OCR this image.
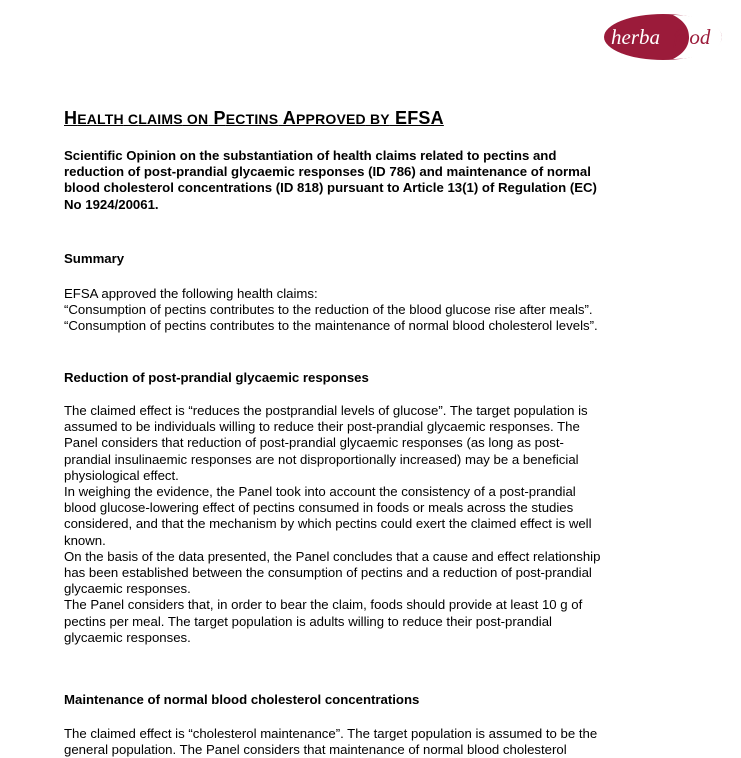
herba food
HEALTH CLAIMS ON PECTINS APPROVED BY EFSA
Scientific Opinion on the substantiation of health claims related to pectins and
reduction of post-prandial glycaemic responses (ID 786) and maintenance of normal
blood cholesterol concentrations (ID 818) pursuant to Article 13(1) of Regulation (EC)
No 1924/20061.
Summary
EFSA approved the following health claims:
“Consumption of pectins contributes to the reduction of the blood glucose rise after meals”.
“Consumption of pectins contributes to the maintenance of normal blood cholesterol levels”.
Reduction of post-prandial glycaemic responses
The claimed effect is “reduces the postprandial levels of glucose”. The target population is
assumed to be individuals willing to reduce their post-prandial glycaemic responses. The
Panel considers that reduction of post-prandial glycaemic responses (as long as post-
prandial insulinaemic responses are not disproportionally increased) may be a beneficial
physiological effect.
In weighing the evidence, the Panel took into account the consistency of a post-prandial
blood glucose-lowering effect of pectins consumed in foods or meals across the studies
considered, and that the mechanism by which pectins could exert the claimed effect is well
known.
On the basis of the data presented, the Panel concludes that a cause and effect relationship
has been established between the consumption of pectins and a reduction of post-prandial
glycaemic responses.
The Panel considers that, in order to bear the claim, foods should provide at least 10 g of
pectins per meal. The target population is adults willing to reduce their post-prandial
glycaemic responses.
Maintenance of normal blood cholesterol concentrations
The claimed effect is “cholesterol maintenance”. The target population is assumed to be the
general population. The Panel considers that maintenance of normal blood cholesterol
